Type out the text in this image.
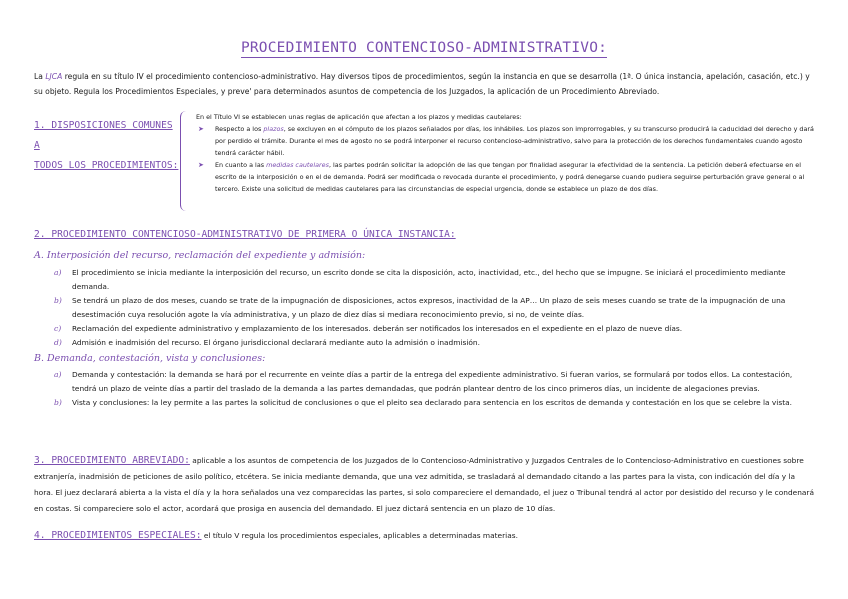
PROCEDIMIENTO CONTENCIOSO-ADMINISTRATIVO:
La LJCA regula en su título IV el procedimiento contencioso-administrativo. Hay diversos tipos de procedimientos, según la instancia en que se desarrolla (1ª. O única instancia, apelación, casación, etc.) y su objeto. Regula los Procedimientos Especiales, y preve' para determinados asuntos de competencia de los Juzgados, la aplicación de un Procedimiento Abreviado.
1. DISPOSICIONES COMUNES A
TODOS LOS PROCEDIMIENTOS:
En el Título VI se establecen unas reglas de aplicación que afectan a los plazos y medidas cautelares:
➤ Respecto a los plazos, se excluyen en el cómputo de los plazos señalados por días, los inhábiles. Los plazos son improrrogables, y su transcurso producirá la caducidad del derecho y dará por perdido el trámite. Durante el mes de agosto no se podrá interponer el recurso contencioso-administrativo, salvo para la protección de los derechos fundamentales cuando agosto tendrá carácter hábil.
➤ En cuanto a las medidas cautelares, las partes podrán solicitar la adopción de las que tengan por finalidad asegurar la efectividad de la sentencia. La petición deberá efectuarse en el escrito de la interposición o en el de demanda. Podrá ser modificada o revocada durante el procedimiento, y podrá denegarse cuando pudiera seguirse perturbación grave general o al tercero. Existe una solicitud de medidas cautelares para las circunstancias de especial urgencia, donde se establece un plazo de dos días.
2. PROCEDIMIENTO CONTENCIOSO-ADMINISTRATIVO DE PRIMERA O ÚNICA INSTANCIA:
A. Interposición del recurso, reclamación del expediente y admisión:
a) El procedimiento se inicia mediante la interposición del recurso, un escrito donde se cita la disposición, acto, inactividad, etc., del hecho que se impugne. Se iniciará el procedimiento mediante demanda.
b) Se tendrá un plazo de dos meses, cuando se trate de la impugnación de disposiciones, actos expresos, inactividad de la AP… Un plazo de seis meses cuando se trate de la impugnación de una desestimación cuya resolución agote la vía administrativa, y un plazo de diez días si mediara reconocimiento previo, si no, de veinte días.
c) Reclamación del expediente administrativo y emplazamiento de los interesados. deberán ser notificados los interesados en el expediente en el plazo de nueve días.
d) Admisión e inadmisión del recurso. El órgano jurisdiccional declarará mediante auto la admisión o inadmisión.
B. Demanda, contestación, vista y conclusiones:
a) Demanda y contestación: la demanda se hará por el recurrente en veinte días a partir de la entrega del expediente administrativo. Si fueran varios, se formulará por todos ellos. La contestación, tendrá un plazo de veinte días a partir del traslado de la demanda a las partes demandadas, que podrán plantear dentro de los cinco primeros días, un incidente de alegaciones previas.
b) Vista y conclusiones: la ley permite a las partes la solicitud de conclusiones o que el pleito sea declarado para sentencia en los escritos de demanda y contestación en los que se celebre la vista.
3. PROCEDIMIENTO ABREVIADO: aplicable a los asuntos de competencia de los Juzgados de lo Contencioso-Administrativo y Juzgados Centrales de lo Contencioso-Administrativo en cuestiones sobre extranjería, inadmisión de peticiones de asilo político, etcétera. Se inicia mediante demanda, que una vez admitida, se trasladará al demandado citando a las partes para la vista, con indicación del día y la hora. El juez declarará abierta a la vista el día y la hora señalados una vez comparecidas las partes, si solo compareciere el demandado, el juez o Tribunal tendrá al actor por desistido del recurso y le condenará en costas. Si compareciere solo el actor, acordará que prosiga en ausencia del demandado. El juez dictará sentencia en un plazo de 10 días.
4. PROCEDIMIENTOS ESPECIALES: el título V regula los procedimientos especiales, aplicables a determinadas materias.
